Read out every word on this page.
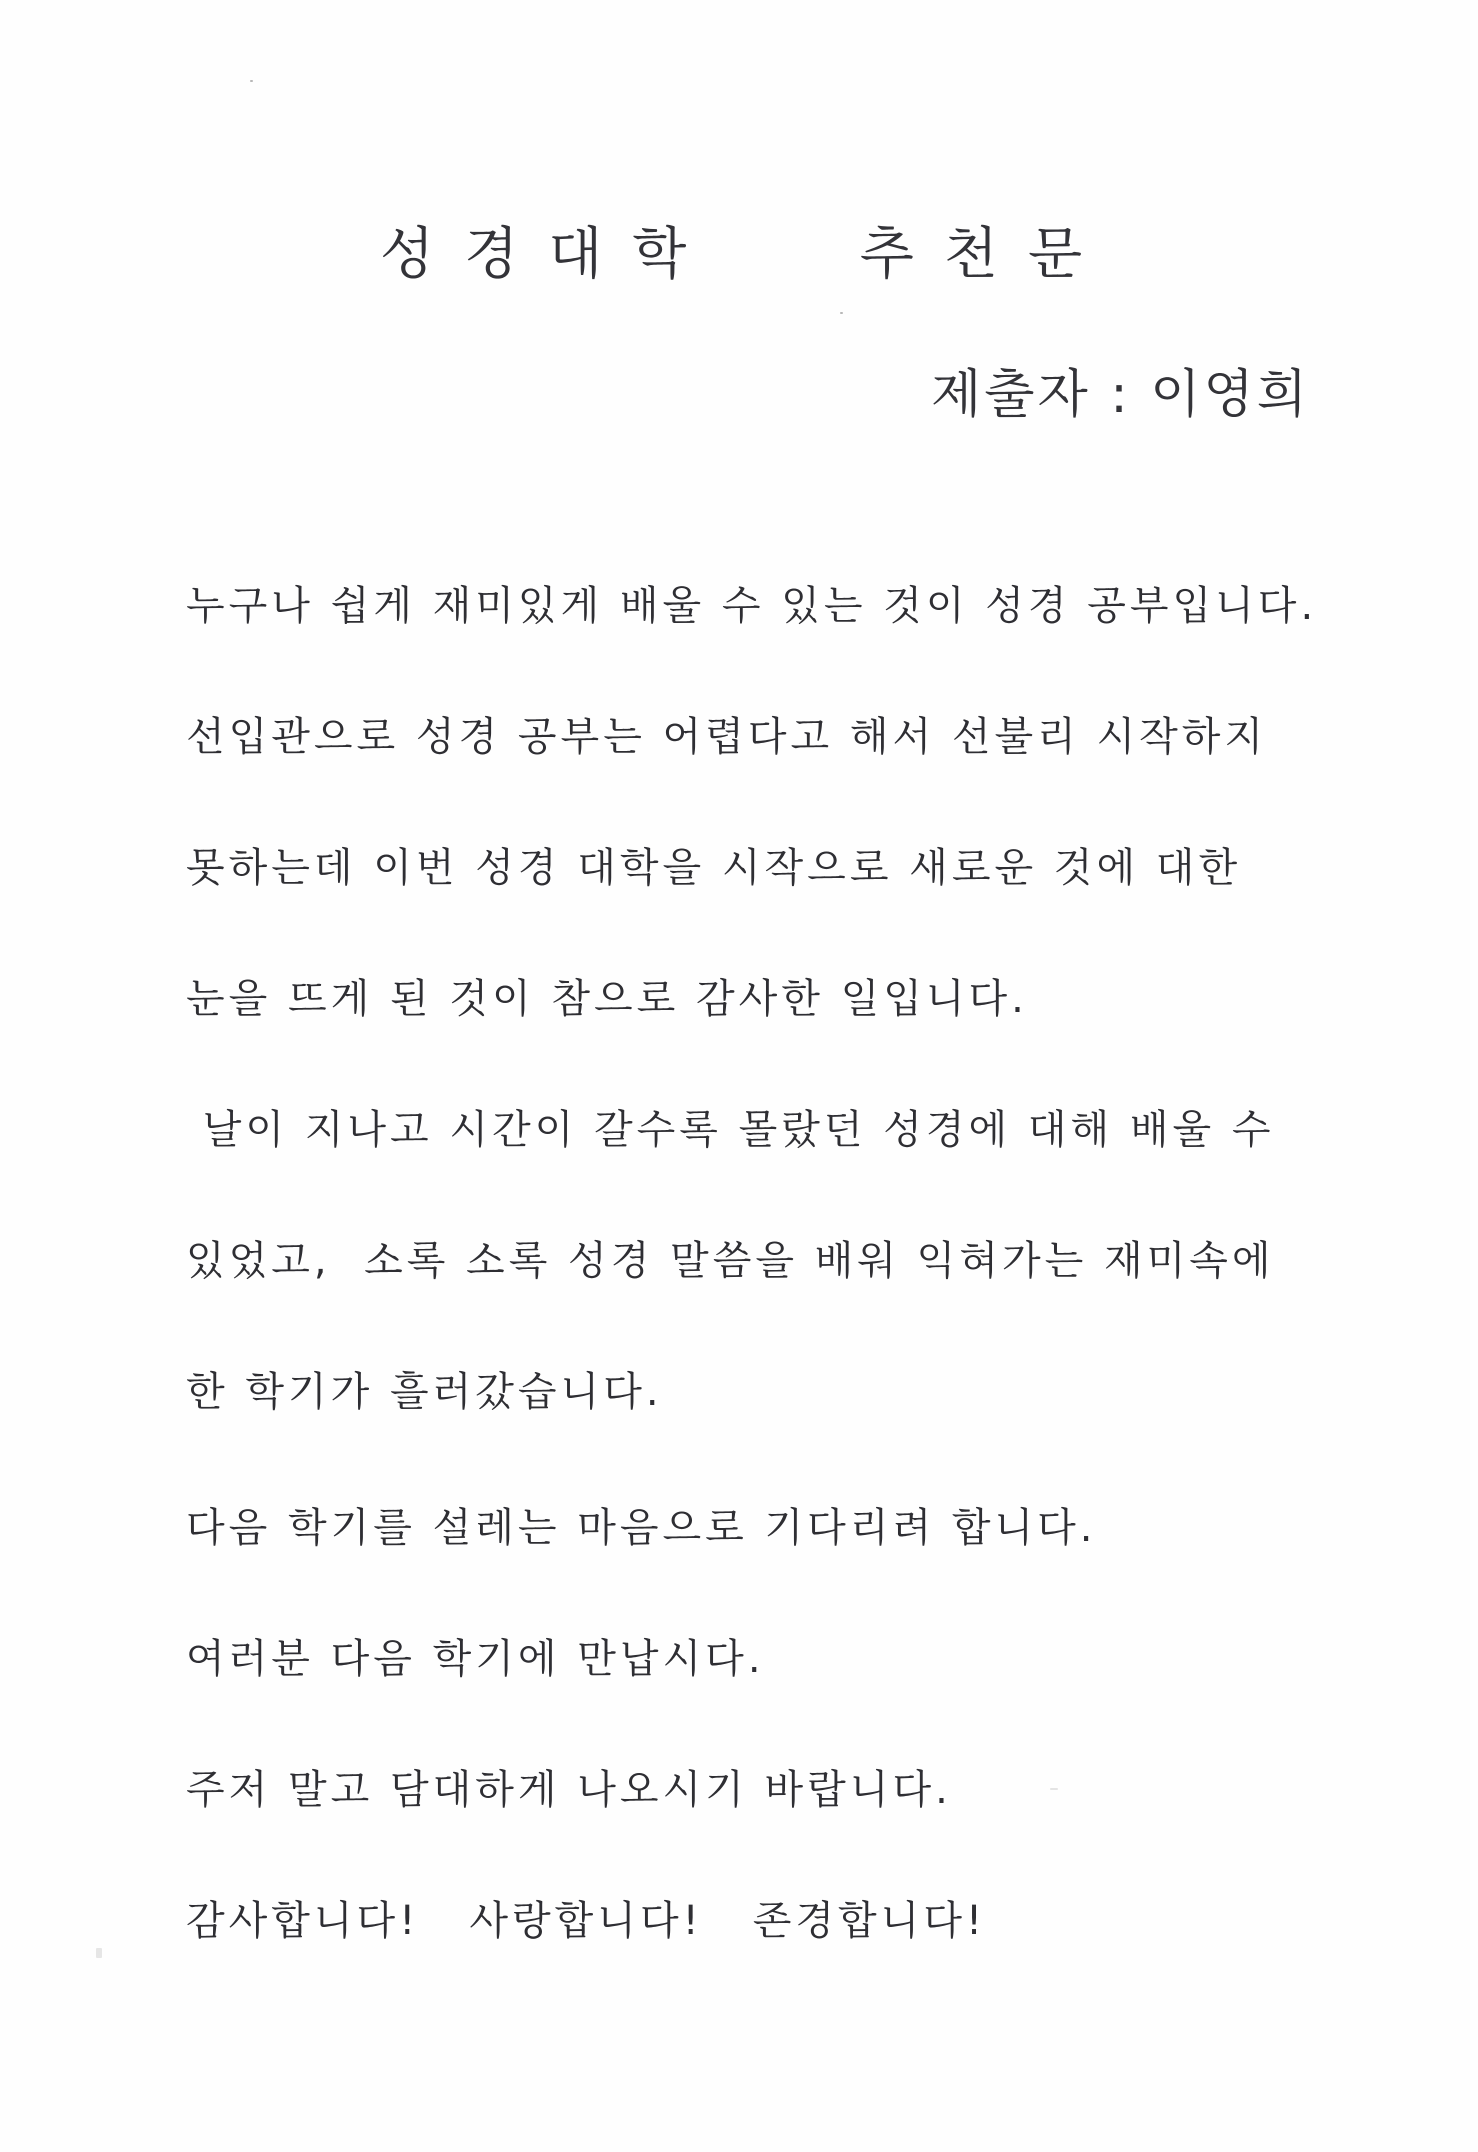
성경대학   추천문
제출자 : 이영희
누구나 쉽게 재미있게 배울 수 있는 것이 성경 공부입니다.
선입관으로 성경 공부는 어렵다고 해서 선불리 시작하지
못하는데 이번 성경 대학을 시작으로 새로운 것에 대한
눈을 뜨게 된 것이 참으로 감사한 일입니다.
날이 지나고 시간이 갈수록 몰랐던 성경에 대해 배울 수
있었고,  소록 소록 성경 말씀을 배워 익혀가는 재미속에
한 학기가 흘러갔습니다.
다음 학기를 설레는 마음으로 기다리려 합니다.
여러분 다음 학기에 만납시다.
주저 말고 담대하게 나오시기 바랍니다.
감사합니다!   사랑합니다!   존경합니다!
